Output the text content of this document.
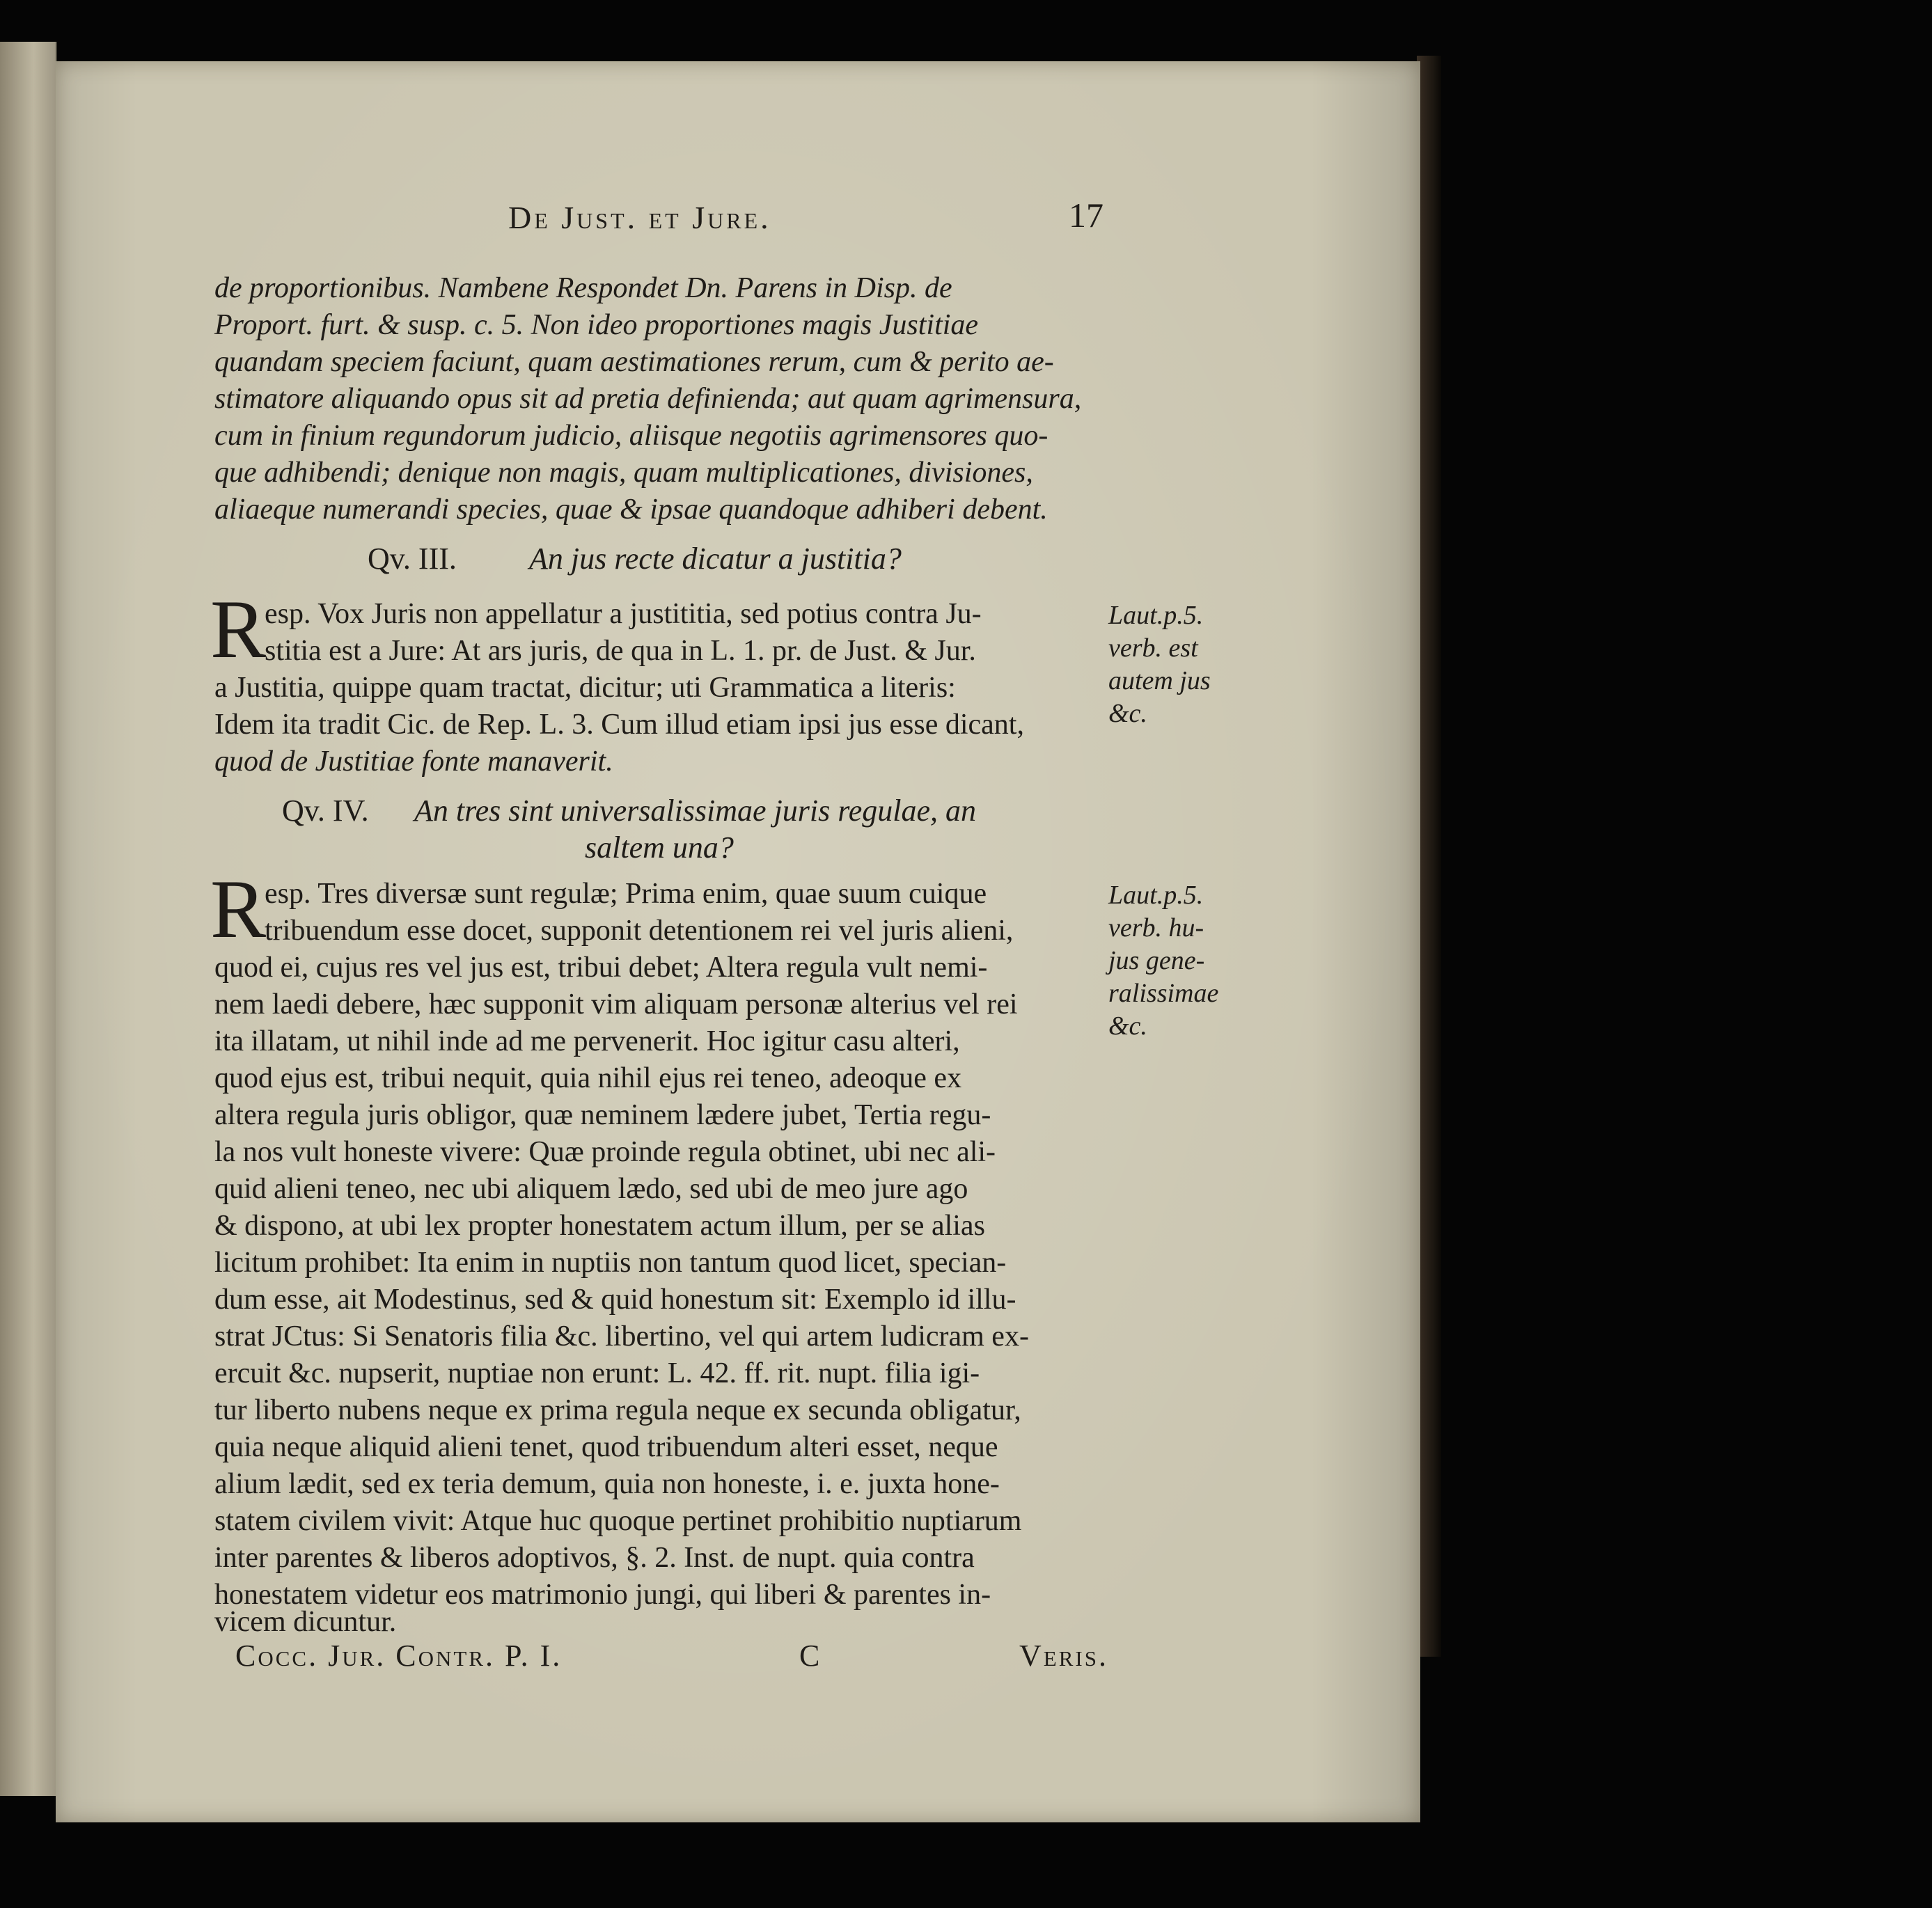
De Just. et Jure.	17
de proportionibus. Nambene Respondet Dn. Parens in Disp. de
Proport. furt. & susp. c. 5. Non ideo proportiones magis Justitiae
quandam speciem faciunt, quam aestimationes rerum, cum & perito ae-
stimatore aliquando opus sit ad pretia definienda; aut quam agrimensura,
cum in finium regundorum judicio, aliisque negotiis agrimensores quo-
que adhibendi; denique non magis, quam multiplicationes, divisiones,
aliaeque numerandi species, quae & ipsae quandoque adhiberi debent.
Qv. III. An jus recte dicatur a justitia?
R
esp. Vox Juris non appellatur a justititia, sed potius contra Ju-
stitia est a Jure: At ars juris, de qua in L. 1. pr. de Just. & Jur.
a Justitia, quippe quam tractat, dicitur; uti Grammatica a literis:
Idem ita tradit Cic. de Rep. L. 3. Cum illud etiam ipsi jus esse dicant,
quod de Justitiae fonte manaverit.
Laut.p.5.
verb. est
autem jus
&c.
Qv. IV. An tres sint universalissimae juris regulae, an
saltem una?
R
esp. Tres diversæ sunt regulæ; Prima enim, quae suum cuique
tribuendum esse docet, supponit detentionem rei vel juris alieni,
quod ei, cujus res vel jus est, tribui debet; Altera regula vult nemi-
nem laedi debere, hæc supponit vim aliquam personæ alterius vel rei
ita illatam, ut nihil inde ad me pervenerit. Hoc igitur casu alteri,
quod ejus est, tribui nequit, quia nihil ejus rei teneo, adeoque ex
altera regula juris obligor, quæ neminem lædere jubet, Tertia regu-
la nos vult honeste vivere: Quæ proinde regula obtinet, ubi nec ali-
quid alieni teneo, nec ubi aliquem lædo, sed ubi de meo jure ago
& dispono, at ubi lex propter honestatem actum illum, per se alias
licitum prohibet: Ita enim in nuptiis non tantum quod licet, specian-
dum esse, ait Modestinus, sed & quid honestum sit: Exemplo id illu-
strat JCtus: Si Senatoris filia &c. libertino, vel qui artem ludicram ex-
ercuit &c. nupserit, nuptiae non erunt: L. 42. ff. rit. nupt. filia igi-
tur liberto nubens neque ex prima regula neque ex secunda obligatur,
quia neque aliquid alieni tenet, quod tribuendum alteri esset, neque
alium lædit, sed ex teria demum, quia non honeste, i. e. juxta hone-
statem civilem vivit: Atque huc quoque pertinet prohibitio nuptiarum
inter parentes & liberos adoptivos, §. 2. Inst. de nupt. quia contra
honestatem videtur eos matrimonio jungi, qui liberi & parentes in-
vicem dicuntur.
Laut.p.5.
verb. hu-
jus gene-
ralissimae
&c.
Cocc. Jur. Contr. P. I.	C	Veris.
